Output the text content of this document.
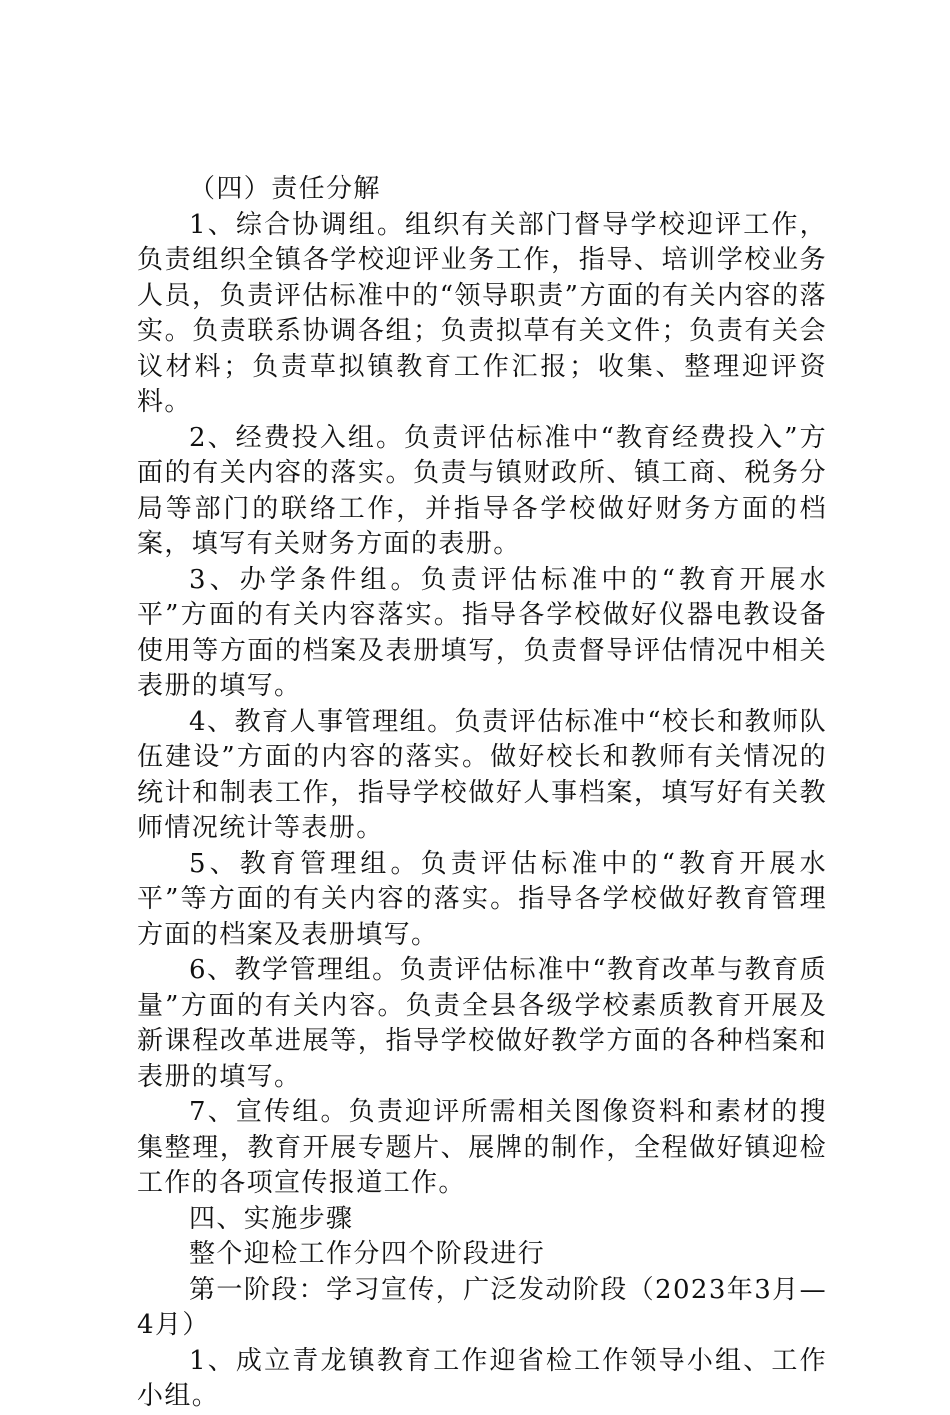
（四）责任分解

1、综合协调组。组织有关部门督导学校迎评工作，负责组织全镇各学校迎评业务工作，指导、培训学校业务人员，负责评估标准中的“领导职责”方面的有关内容的落实。负责联系协调各组；负责拟草有关文件；负责有关会议材料；负责草拟镇教育工作汇报；收集、整理迎评资料。

2、经费投入组。负责评估标准中“教育经费投入”方面的有关内容的落实。负责与镇财政所、镇工商、税务分局等部门的联络工作，并指导各学校做好财务方面的档案，填写有关财务方面的表册。

3、办学条件组。负责评估标准中的“教育开展水平”方面的有关内容落实。指导各学校做好仪器电教设备使用等方面的档案及表册填写，负责督导评估情况中相关表册的填写。

4、教育人事管理组。负责评估标准中“校长和教师队伍建设”方面的内容的落实。做好校长和教师有关情况的统计和制表工作，指导学校做好人事档案，填写好有关教师情况统计等表册。

5、教育管理组。负责评估标准中的“教育开展水平”等方面的有关内容的落实。指导各学校做好教育管理方面的档案及表册填写。

6、教学管理组。负责评估标准中“教育改革与教育质量”方面的有关内容。负责全县各级学校素质教育开展及新课程改革进展等，指导学校做好教学方面的各种档案和表册的填写。

7、宣传组。负责迎评所需相关图像资料和素材的搜集整理，教育开展专题片、展牌的制作，全程做好镇迎检工作的各项宣传报道工作。

四、实施步骤

整个迎检工作分四个阶段进行

第一阶段：学习宣传，广泛发动阶段（2023年3月—4月）

1、成立青龙镇教育工作迎省检工作领导小组、工作小组。
